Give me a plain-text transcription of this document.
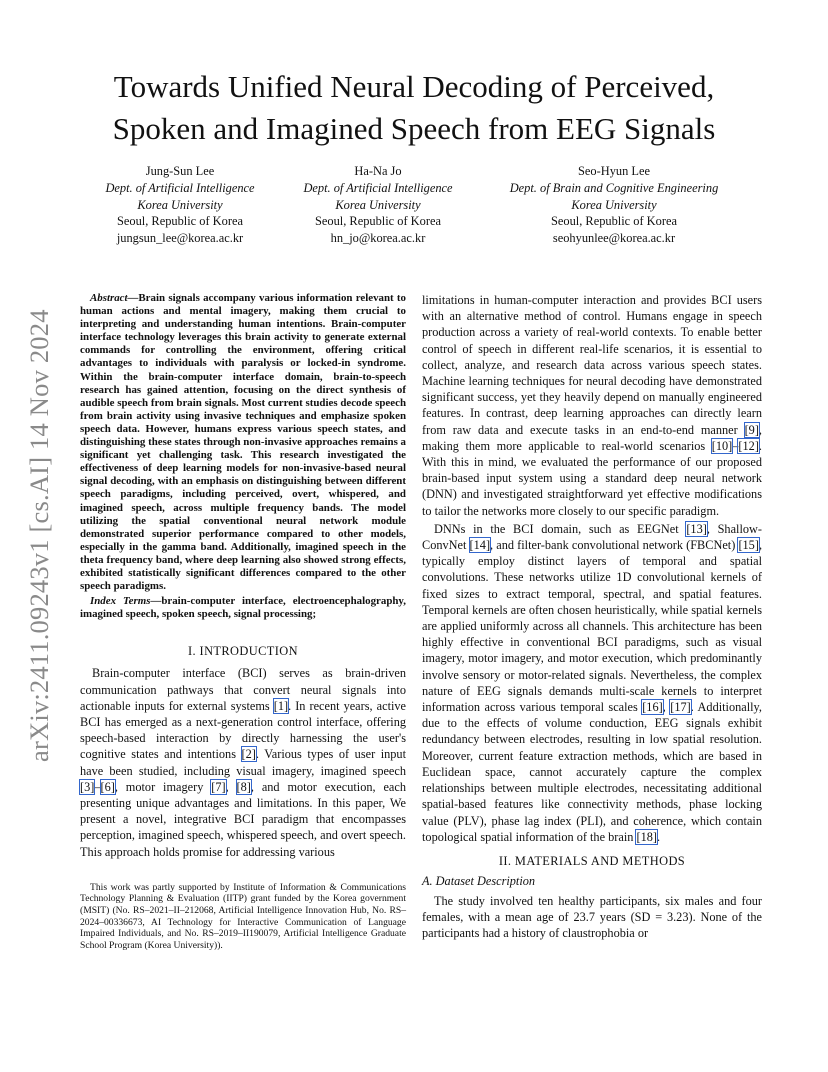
Towards Unified Neural Decoding of Perceived,
Spoken and Imagined Speech from EEG Signals
Jung-Sun Lee
Dept. of Artificial Intelligence
Korea University
Seoul, Republic of Korea
jungsun_lee@korea.ac.kr
Ha-Na Jo
Dept. of Artificial Intelligence
Korea University
Seoul, Republic of Korea
hn_jo@korea.ac.kr
Seo-Hyun Lee
Dept. of Brain and Cognitive Engineering
Korea University
Seoul, Republic of Korea
seohyunlee@korea.ac.kr
arXiv:2411.09243v1 [cs.AI] 14 Nov 2024

Abstract—Brain signals accompany various information relevant to human actions and mental imagery, making them crucial to interpreting and understanding human intentions. Brain-computer interface technology leverages this brain activity to generate external commands for controlling the environment, offering critical advantages to individuals with paralysis or locked-in syndrome. Within the brain-computer interface domain, brain-to-speech research has gained attention, focusing on the direct synthesis of audible speech from brain signals. Most current studies decode speech from brain activity using invasive techniques and emphasize spoken speech data. However, humans express various speech states, and distinguishing these states through non-invasive approaches remains a significant yet challenging task. This research investigated the effectiveness of deep learning models for non-invasive-based neural signal decoding, with an emphasis on distinguishing between different speech paradigms, including perceived, overt, whispered, and imagined speech, across multiple frequency bands. The model utilizing the spatial conventional neural network module demonstrated superior performance compared to other models, especially in the gamma band. Additionally, imagined speech in the theta frequency band, where deep learning also showed strong effects, exhibited statistically significant differences compared to the other speech paradigms.

Index Terms—brain-computer interface, electroencephalography, imagined speech, spoken speech, signal processing;

I. INTRODUCTION

Brain-computer interface (BCI) serves as brain-driven communication pathways that convert neural signals into actionable inputs for external systems [1]. In recent years, active BCI has emerged as a next-generation control interface, offering speech-based interaction by directly harnessing the user's cognitive states and intentions [2]. Various types of user input have been studied, including visual imagery, imagined speech [3]–[6], motor imagery [7], [8], and motor execution, each presenting unique advantages and limitations. In this paper, We present a novel, integrative BCI paradigm that encompasses perception, imagined speech, whispered speech, and overt speech. This approach holds promise for addressing various

This work was partly supported by Institute of Information & Communications Technology Planning & Evaluation (IITP) grant funded by the Korea government (MSIT) (No. RS–2021–II–212068, Artificial Intelligence Innovation Hub, No. RS–2024–00336673, AI Technology for Interactive Communication of Language Impaired Individuals, and No. RS–2019–II190079, Artificial Intelligence Graduate School Program (Korea University)).

limitations in human-computer interaction and provides BCI users with an alternative method of control. Humans engage in speech production across a variety of real-world contexts. To enable better control of speech in different real-life scenarios, it is essential to collect, analyze, and research data across various speech states. Machine learning techniques for neural decoding have demonstrated significant success, yet they heavily depend on manually engineered features. In contrast, deep learning approaches can directly learn from raw data and execute tasks in an end-to-end manner [9], making them more applicable to real-world scenarios [10]–[12]. With this in mind, we evaluated the performance of our proposed brain-based input system using a standard deep neural network (DNN) and investigated straightforward yet effective modifications to tailor the networks more closely to our specific paradigm.

DNNs in the BCI domain, such as EEGNet [13], Shallow-ConvNet [14], and filter-bank convolutional network (FBCNet) [15], typically employ distinct layers of temporal and spatial convolutions. These networks utilize 1D convolutional kernels of fixed sizes to extract temporal, spectral, and spatial features. Temporal kernels are often chosen heuristically, while spatial kernels are applied uniformly across all channels. This architecture has been highly effective in conventional BCI paradigms, such as visual imagery, motor imagery, and motor execution, which predominantly involve sensory or motor-related signals. Nevertheless, the complex nature of EEG signals demands multi-scale kernels to interpret information across various temporal scales [16], [17]. Additionally, due to the effects of volume conduction, EEG signals exhibit redundancy between electrodes, resulting in low spatial resolution. Moreover, current feature extraction methods, which are based in Euclidean space, cannot accurately capture the complex relationships between multiple electrodes, necessitating additional spatial-based features like connectivity methods, phase locking value (PLV), phase lag index (PLI), and coherence, which contain topological spatial information of the brain [18].

II. MATERIALS AND METHODS

A. Dataset Description

The study involved ten healthy participants, six males and four females, with a mean age of 23.7 years (SD = 3.23). None of the participants had a history of claustrophobia or
